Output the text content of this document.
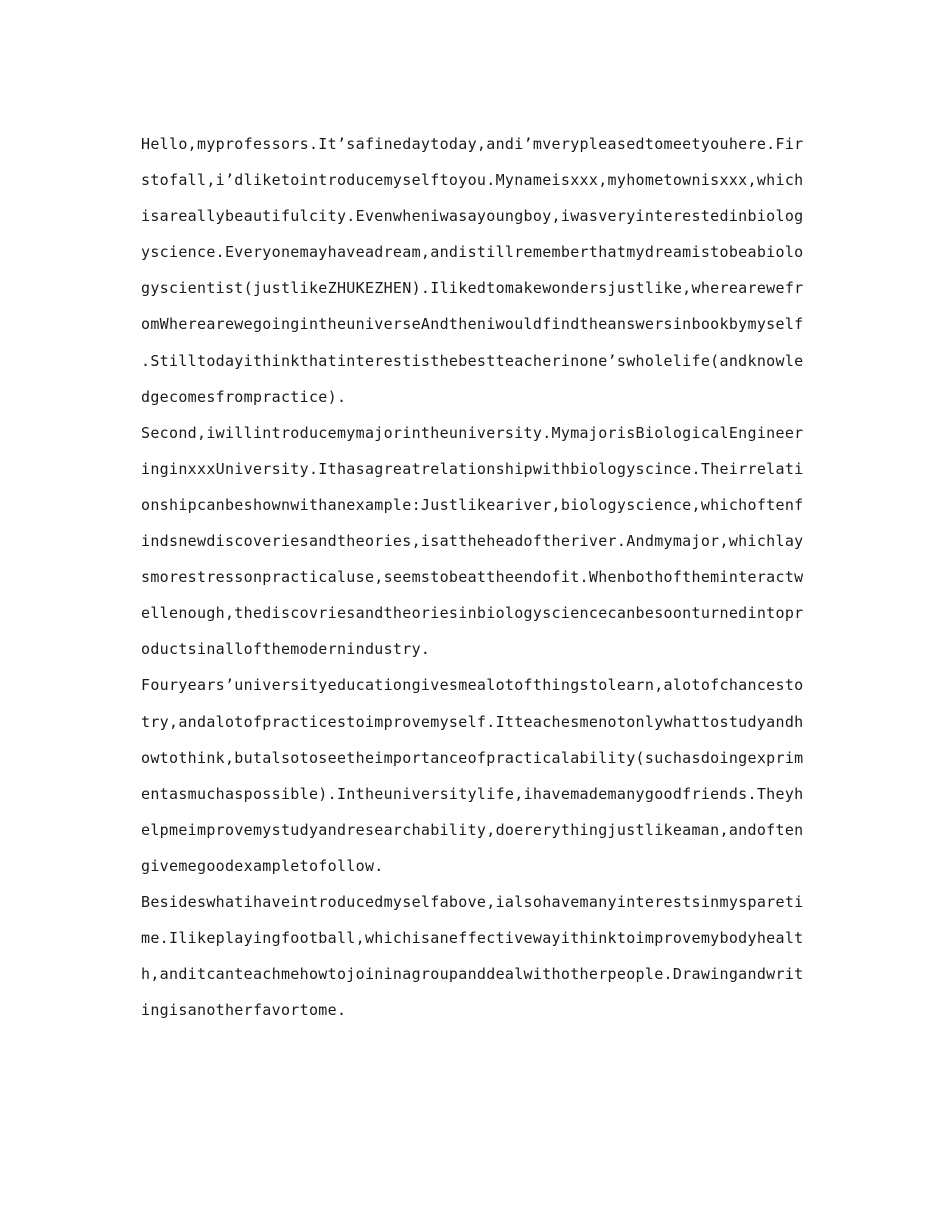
Hello,myprofessors.It’safinedaytoday,andi’mverypleasedtomeetyouhere.Fir
stofall,i’dliketointroducemyselftoyou.Mynameisxxx,myhometownisxxx,which
isareallybeautifulcity.Evenwheniwasayoungboy,iwasveryinterestedinbiolog
yscience.Everyonemayhaveadream,andistillrememberthatmydreamistobeabiolo
gyscientist(justlikeZHUKEZHEN).Ilikedtomakewondersjustlike,wherearewefr
omWherearewegoingintheuniverseAndtheniwouldfindtheanswersinbookbymyself
.Stilltodayithinkthatinterestisthebestteacherinone’swholelife(andknowle
dgecomesfrompractice).
Second,iwillintroducemymajorintheuniversity.MymajorisBiologicalEngineer
inginxxxUniversity.Ithasagreatrelationshipwithbiologyscince.Theirrelati
onshipcanbeshownwithanexample:Justlikeariver,biologyscience,whichoftenf
indsnewdiscoveriesandtheories,isattheheadoftheriver.Andmymajor,whichlay
smorestressonpracticaluse,seemstobeattheendofit.Whenbothoftheminteractw
ellenough,thediscovriesandtheoriesinbiologysciencecanbesoonturnedintopr
oductsinallofthemodernindustry.
Fouryears’universityeducationgivesmealotofthingstolearn,alotofchancesto
try,andalotofpracticestoimprovemyself.Itteachesmenotonlywhattostudyandh
owtothink,butalsotoseetheimportanceofpracticalability(suchasdoingexprim
entasmuchaspossible).Intheuniversitylife,ihavemademanygoodfriends.Theyh
elpmeimprovemystudyandresearchability,doererythingjustlikeaman,andoften
givemegoodexampletofollow.
Besideswhatihaveintroducedmyselfabove,ialsohavemanyinterestsinmyspareti
me.Ilikeplayingfootball,whichisaneffectivewayithinktoimprovemybodyhealt
h,anditcanteachmehowtojoininagroupanddealwithotherpeople.Drawingandwrit
ingisanotherfavortome.
